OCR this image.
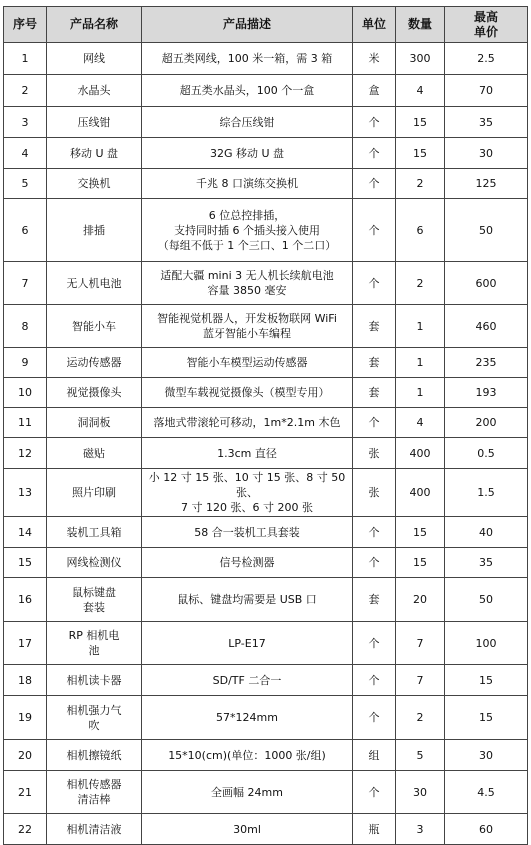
序号	产品名称	产品描述	单位	数量	最高
单价
1	网线	超五类网线，100 米一箱，需 3 箱	米	300	2.5
2	水晶头	超五类水晶头，100 个一盒	盒	4	70
3	压线钳	综合压线钳	个	15	35
4	移动 U 盘	32G 移动 U 盘	个	15	30
5	交换机	千兆 8 口演练交换机	个	2	125
6	排插	6 位总控排插，
支持同时插 6 个插头接入使用
（每组不低于 1 个三口、1 个二口）	个	6	50
7	无人机电池	适配大疆 mini 3 无人机长续航电池
容量 3850 毫安	个	2	600
8	智能小车	智能视觉机器人，开发板物联网 WiFi
蓝牙智能小车编程	套	1	460
9	运动传感器	智能小车模型运动传感器	套	1	235
10	视觉摄像头	微型车载视觉摄像头（模型专用）	套	1	193
11	洞洞板	落地式带滚轮可移动，1m*2.1m 木色	个	4	200
12	磁贴	1.3cm 直径	张	400	0.5
13	照片印刷	小 12 寸 15 张、10 寸 15 张、8 寸 50 张、
7 寸 120 张、6 寸 200 张	张	400	1.5
14	装机工具箱	58 合一装机工具套装	个	15	40
15	网线检测仪	信号检测器	个	15	35
16	鼠标键盘
套装	鼠标、键盘均需要是 USB 口	套	20	50
17	RP 相机电
池	LP-E17	个	7	100
18	相机读卡器	SD/TF 二合一	个	7	15
19	相机强力气
吹	57*124mm	个	2	15
20	相机擦镜纸	15*10(cm)(单位：1000 张/组)	组	5	30
21	相机传感器
清洁棒	全画幅 24mm	个	30	4.5
22	相机清洁液	30ml	瓶	3	60
